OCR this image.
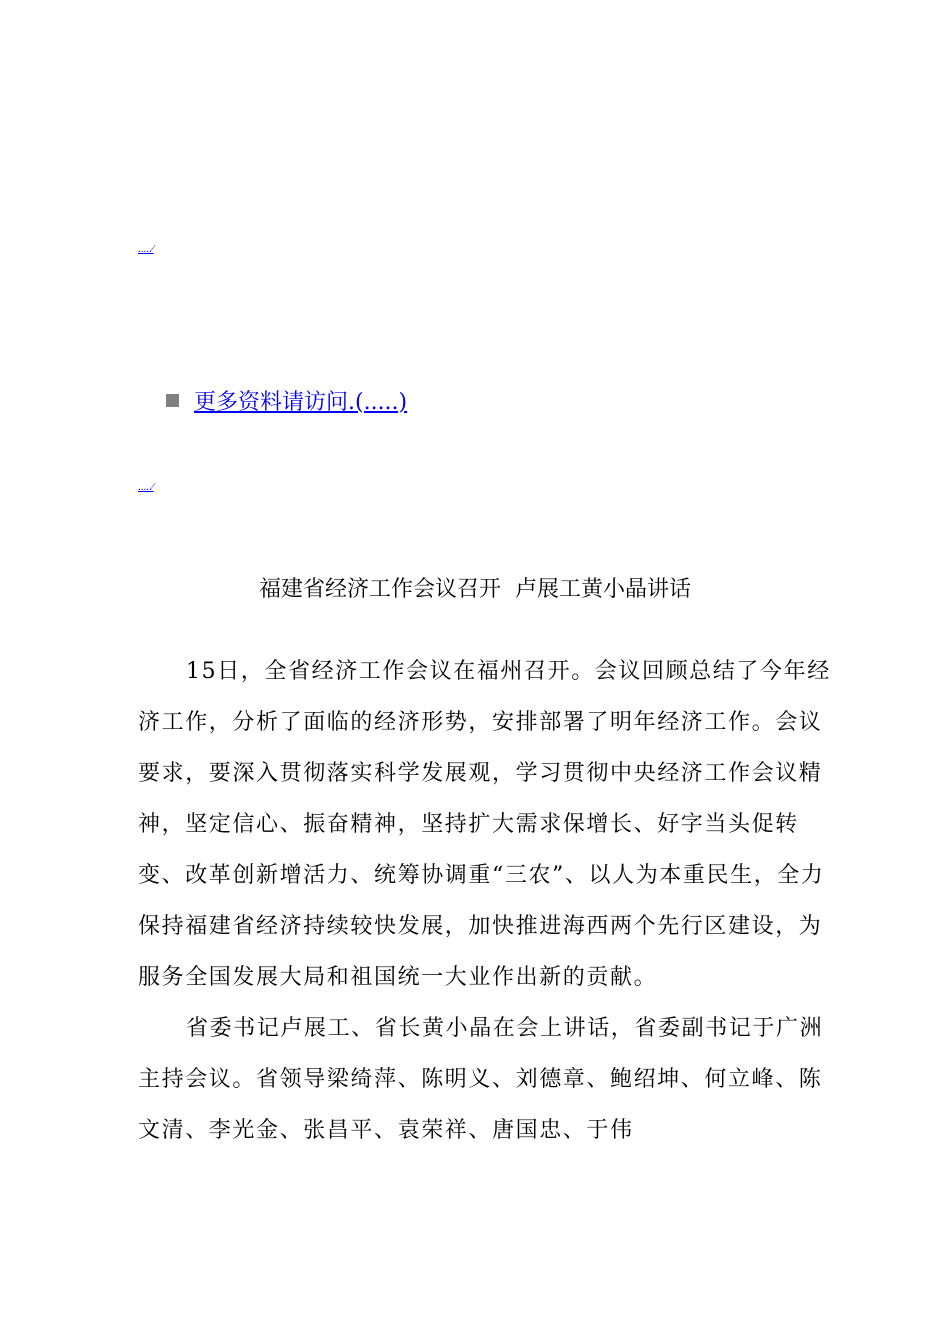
.....⁄
更多资料请访问.(.....)
.....⁄
福建省经济工作会议召开  卢展工黄小晶讲话

15日，全省经济工作会议在福州召开。会议回顾总结了今年经济工作，分析了面临的经济形势，安排部署了明年经济工作。会议要求，要深入贯彻落实科学发展观，学习贯彻中央经济工作会议精神，坚定信心、振奋精神，坚持扩大需求保增长、好字当头促转变、改革创新增活力、统筹协调重“三农”、以人为本重民生，全力保持福建省经济持续较快发展，加快推进海西两个先行区建设，为服务全国发展大局和祖国统一大业作出新的贡献。

省委书记卢展工、省长黄小晶在会上讲话，省委副书记于广洲主持会议。省领导梁绮萍、陈明义、刘德章、鲍绍坤、何立峰、陈文清、李光金、张昌平、袁荣祥、唐国忠、于伟
